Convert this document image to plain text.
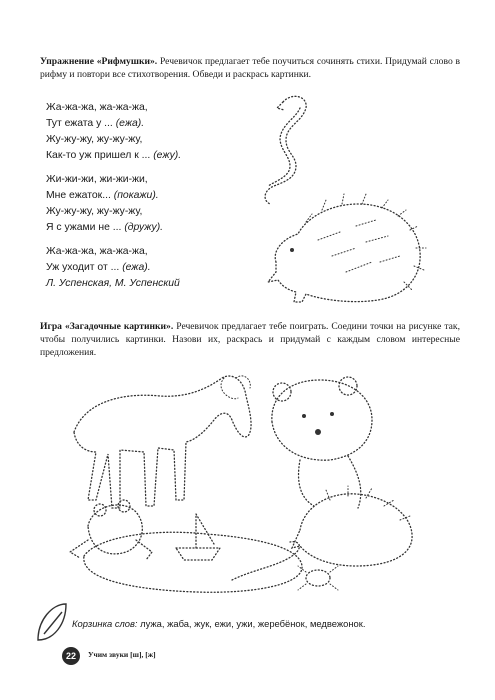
Упражнение «Рифмушки». Речевичок предлагает тебе поучиться сочинять стихи. Придумай слово в рифму и повтори все стихотворения. Обведи и раскрась картинки.
Жа-жа-жа, жа-жа-жа,
Тут ежата у ... (ежа).
Жу-жу-жу, жу-жу-жу,
Как-то уж пришел к ... (ежу).
Жи-жи-жи, жи-жи-жи,
Мне ежаток... (покажи).
Жу-жу-жу, жу-жу-жу,
Я с ужами не ... (дружу).
Жа-жа-жа, жа-жа-жа,
Уж уходит от ... (ежа).
Л. Успенская, М. Успенский
Игра «Загадочные картинки». Речевичок предлагает тебе поиграть. Соедини точки на рисунке так, чтобы получились картинки. Назови их, раскрась и придумай с каждым словом интересные предложения.
Корзинка слов: лужа, жаба, жук, ежи, ужи, жеребёнок, медвежонок.
22	Учим звуки [ш], [ж]
